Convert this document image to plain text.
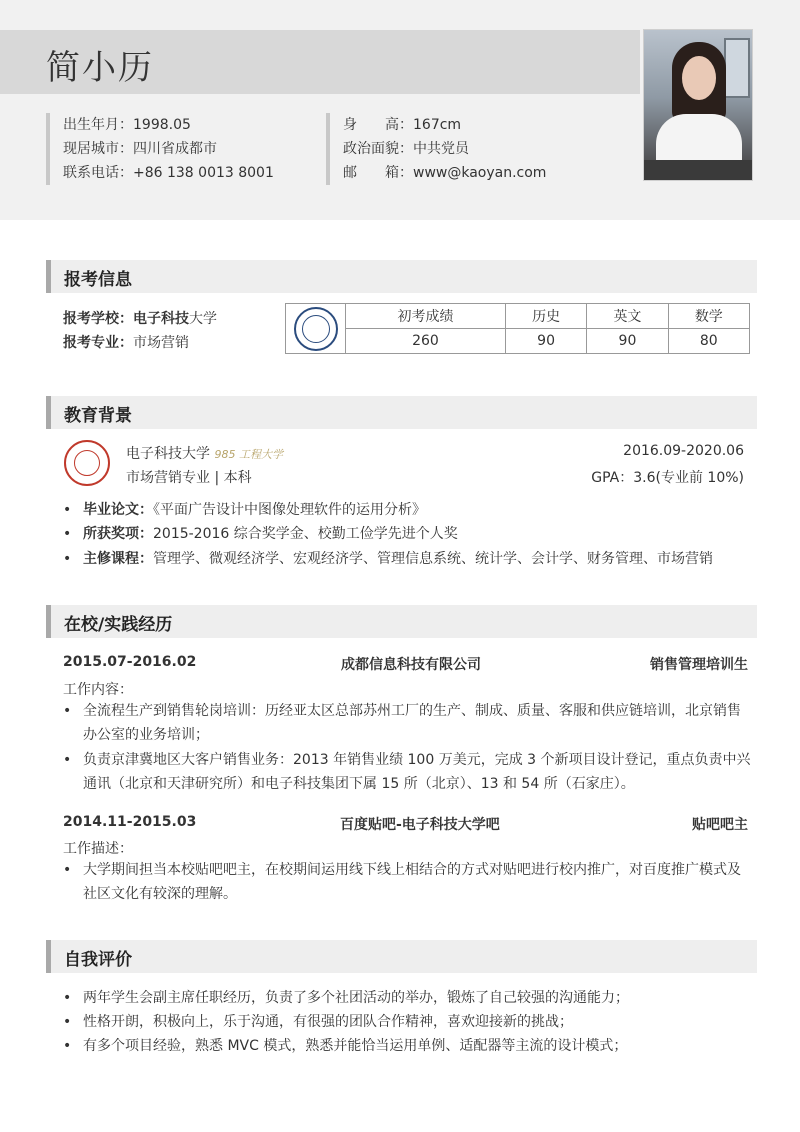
简小历
出生年月：1998.05
现居城市：四川省成都市
联系电话：+86 138 0013 8001
身　　高：167cm
政治面貌：中共党员
邮　　箱：www@kaoyan.com
报考信息
报考学校：电子科技大学
报考专业：市场营销
	初考成绩	历史	英文	数学
	260	90	90	80
教育背景
电子科技大学 985 工程大学	2016.09-2020.06
市场营销专业 | 本科	GPA：3.6(专业前 10%)
• 毕业论文：《平面广告设计中图像处理软件的运用分析》
• 所获奖项：2015-2016 综合奖学金、校勤工俭学先进个人奖
• 主修课程：管理学、微观经济学、宏观经济学、管理信息系统、统计学、会计学、财务管理、市场营销
在校/实践经历
2015.07-2016.02	成都信息科技有限公司	销售管理培训生
工作内容：
• 全流程生产到销售轮岗培训：历经亚太区总部苏州工厂的生产、制成、质量、客服和供应链培训，北京销售
办公室的业务培训；
• 负责京津冀地区大客户销售业务：2013 年销售业绩 100 万美元，完成 3 个新项目设计登记，重点负责中兴
通讯（北京和天津研究所）和电子科技集团下属 15 所（北京）、13 和 54 所（石家庄）。
2014.11-2015.03	百度贴吧-电子科技大学吧	贴吧吧主
工作描述：
• 大学期间担当本校贴吧吧主，在校期间运用线下线上相结合的方式对贴吧进行校内推广，对百度推广模式及
社区文化有较深的理解。
自我评价
• 两年学生会副主席任职经历，负责了多个社团活动的举办，锻炼了自己较强的沟通能力；
• 性格开朗，积极向上，乐于沟通，有很强的团队合作精神，喜欢迎接新的挑战；
• 有多个项目经验，熟悉 MVC 模式，熟悉并能恰当运用单例、适配器等主流的设计模式；
